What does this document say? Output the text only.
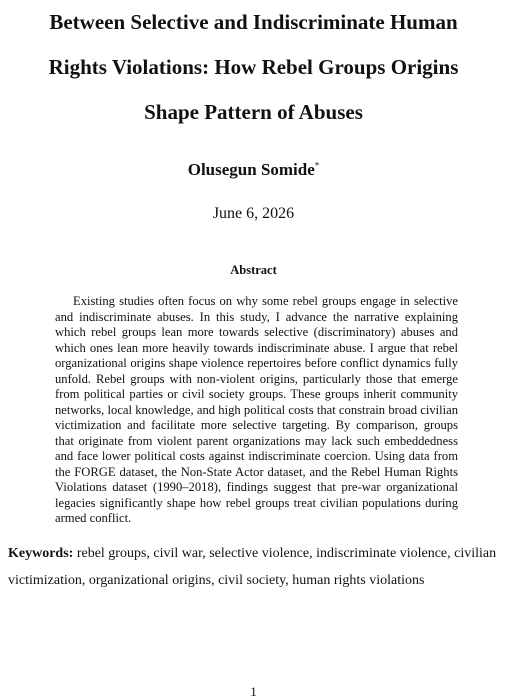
Between Selective and Indiscriminate Human
Rights Violations: How Rebel Groups Origins
Shape Pattern of Abuses
Olusegun Somide*
June 6, 2026
Abstract

Existing studies often focus on why some rebel groups engage in selective and indiscriminate abuses. In this study, I advance the narrative explaining which rebel groups lean more towards selective (discriminatory) abuses and which ones lean more heavily towards indiscriminate abuse. I argue that rebel organizational origins shape violence repertoires before conflict dynamics fully unfold. Rebel groups with non-violent origins, particularly those that emerge from political parties or civil society groups. These groups inherit community networks, local knowledge, and high political costs that constrain broad civilian victimization and facilitate more selective targeting. By comparison, groups that originate from violent parent organizations may lack such embeddedness and face lower political costs against indiscriminate coercion. Using data from the FORGE dataset, the Non-State Actor dataset, and the Rebel Human Rights Violations dataset (1990–2018), findings suggest that pre-war organizational legacies significantly shape how rebel groups treat civilian populations during armed conflict.

Keywords: rebel groups, civil war, selective violence, indiscriminate violence, civilian victimization, organizational origins, civil society, human rights violations

1
